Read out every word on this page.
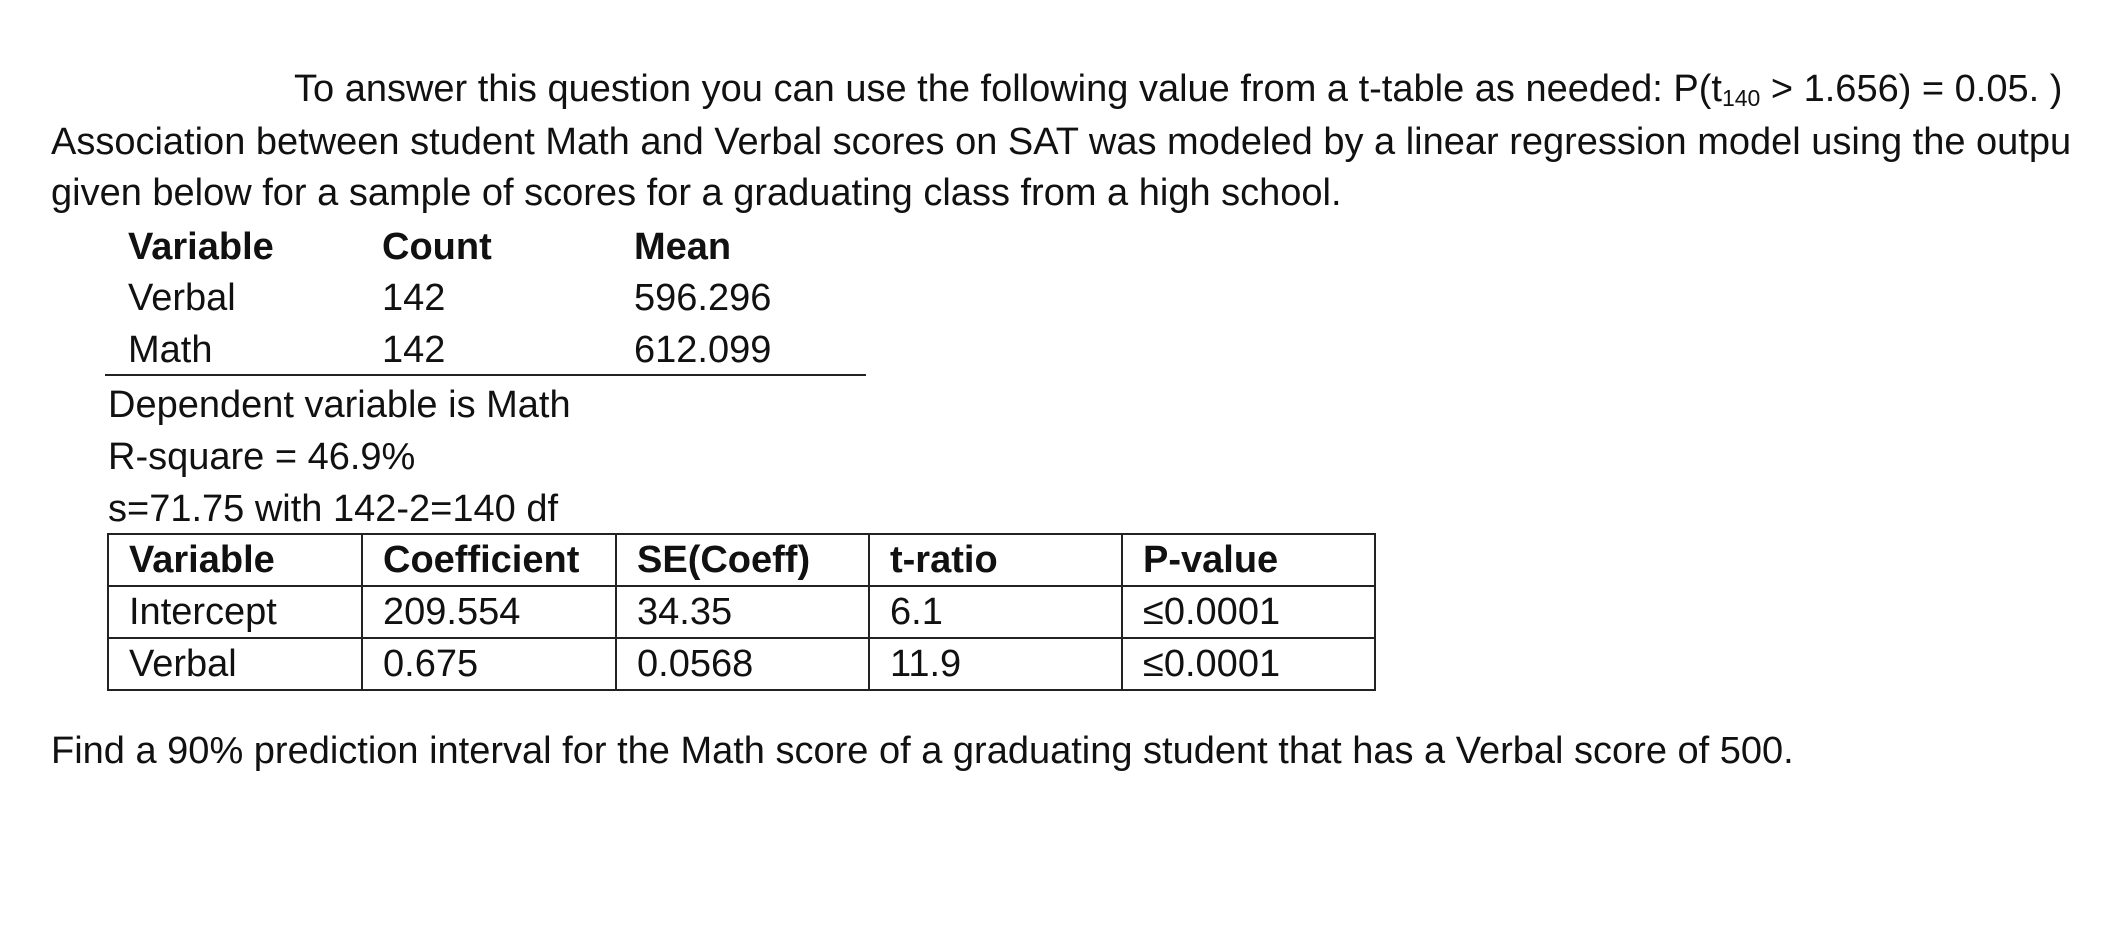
To answer this question you can use the following value from a t-table as needed: $P(t_{140} > 1.656) = 0.05$. )
Association between student Math and Verbal scores on SAT was modeled by a linear regression model using the outpu
given below for a sample of scores for a graduating class from a high school.
Variable	Count	Mean
Verbal	142	596.296
Math	142	612.099
Dependent variable is Math
R-square = 46.9%
s=71.75 with 142-2=140 df
Variable	Coefficient	SE(Coeff)	t-ratio	P-value
Intercept	209.554	34.35	6.1	≤0.0001
Verbal	0.675	0.0568	11.9	≤0.0001
Find a 90% prediction interval for the Math score of a graduating student that has a Verbal score of 500.
